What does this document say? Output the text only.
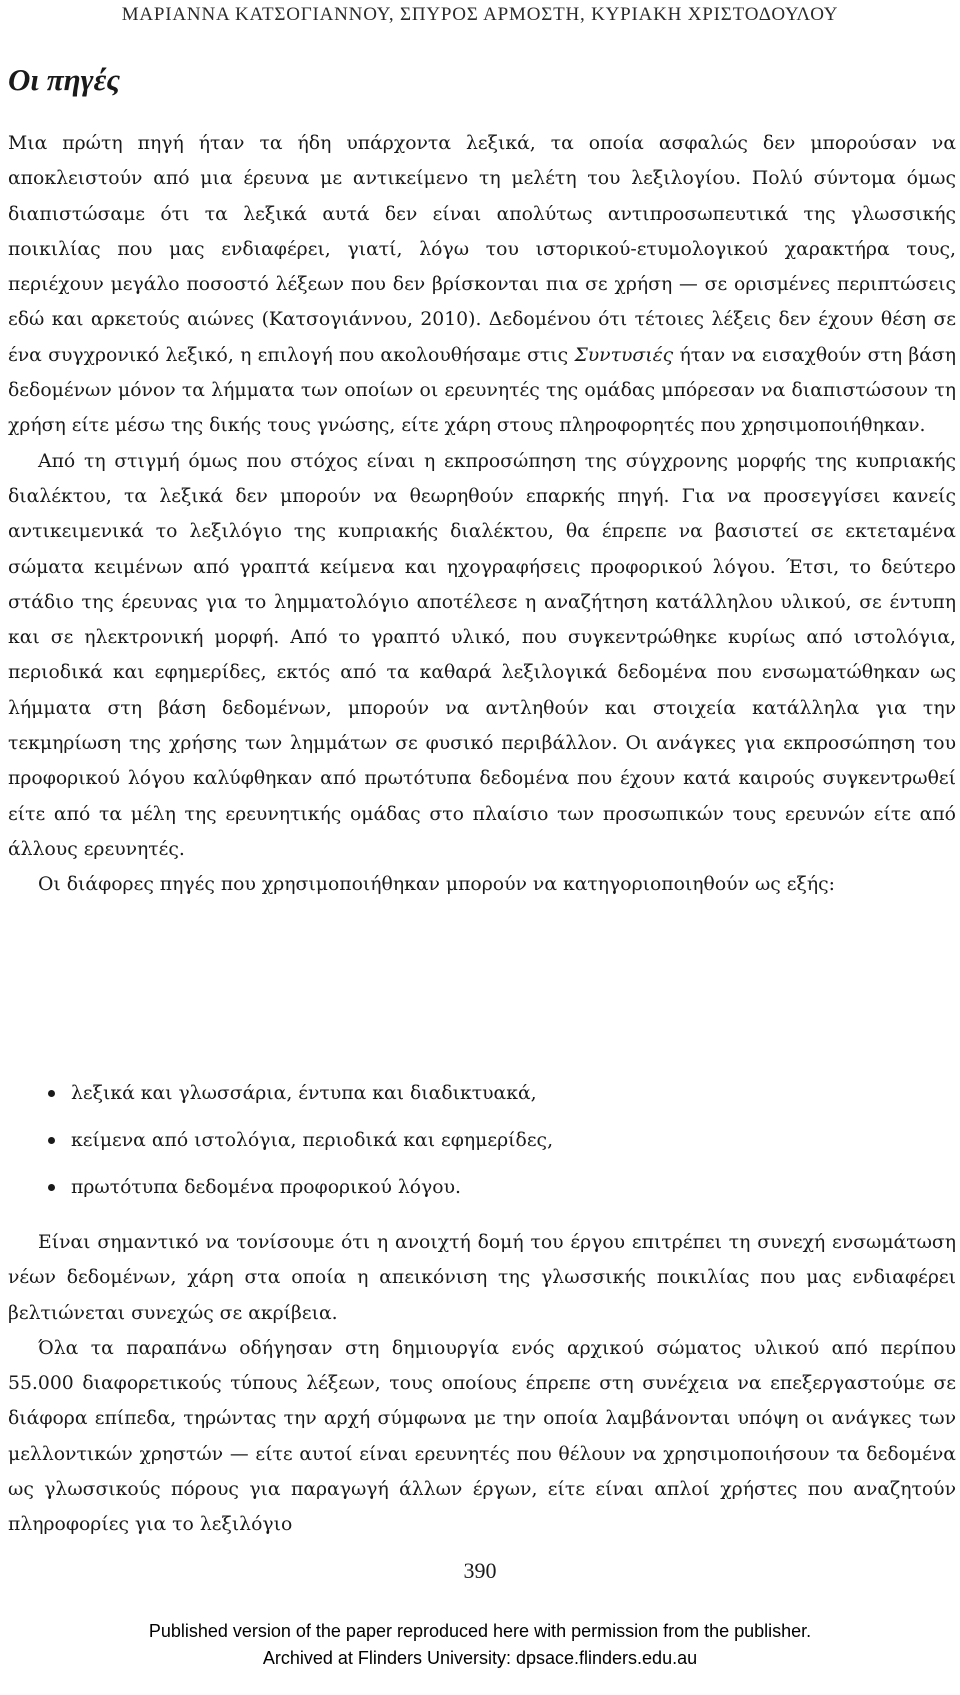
ΜΑΡΙΑΝΝΑ ΚΑΤΣΟΓΙΑΝΝΟΥ, ΣΠΥΡΟΣ ΑΡΜΟΣΤΗ, ΚΥΡΙΑΚΗ ΧΡΙΣΤΟΔΟΥΛΟΥ
Οι πηγές

Μια πρώτη πηγή ήταν τα ήδη υπάρχοντα λεξικά, τα οποία ασφαλώς δεν μπορούσαν να αποκλειστούν από μια έρευνα με αντικείμενο τη μελέτη του λεξιλογίου. Πολύ σύντομα όμως διαπιστώσαμε ότι τα λεξικά αυτά δεν είναι απολύτως αντιπροσωπευτικά της γλωσσικής ποικιλίας που μας ενδιαφέρει, γιατί, λόγω του ιστορικού-ετυμολογικού χαρακτήρα τους, περιέχουν μεγάλο ποσοστό λέξεων που δεν βρίσκονται πια σε χρήση — σε ορισμένες περιπτώσεις εδώ και αρκετούς αιώνες (Κατσογιάννου, 2010). Δεδομένου ότι τέτοιες λέξεις δεν έχουν θέση σε ένα συγχρονικό λεξικό, η επιλογή που ακολουθήσαμε στις Συντυσιές ήταν να εισαχθούν στη βάση δεδομένων μόνον τα λήμματα των οποίων οι ερευνητές της ομάδας μπόρεσαν να διαπιστώσουν τη χρήση είτε μέσω της δικής τους γνώσης, είτε χάρη στους πληροφορητές που χρησιμοποιήθηκαν.

Από τη στιγμή όμως που στόχος είναι η εκπροσώπηση της σύγχρονης μορφής της κυπριακής διαλέκτου, τα λεξικά δεν μπορούν να θεωρηθούν επαρκής πηγή. Για να προσεγγίσει κανείς αντικειμενικά το λεξιλόγιο της κυπριακής διαλέκτου, θα έπρεπε να βασιστεί σε εκτεταμένα σώματα κειμένων από γραπτά κείμενα και ηχογραφήσεις προφορικού λόγου. Έτσι, το δεύτερο στάδιο της έρευνας για το λημματολόγιο αποτέλεσε η αναζήτηση κατάλληλου υλικού, σε έντυπη και σε ηλεκτρονική μορφή. Από το γραπτό υλικό, που συγκεντρώθηκε κυρίως από ιστολόγια, περιοδικά και εφημερίδες, εκτός από τα καθαρά λεξιλογικά δεδομένα που ενσωματώθηκαν ως λήμματα στη βάση δεδομένων, μπορούν να αντληθούν και στοιχεία κατάλληλα για την τεκμηρίωση της χρήσης των λημμάτων σε φυσικό περιβάλλον. Οι ανάγκες για εκπροσώπηση του προφορικού λόγου καλύφθηκαν από πρωτότυπα δεδομένα που έχουν κατά καιρούς συγκεντρωθεί είτε από τα μέλη της ερευνητικής ομάδας στο πλαίσιο των προσωπικών τους ερευνών είτε από άλλους ερευνητές.

Οι διάφορες πηγές που χρησιμοποιήθηκαν μπορούν να κατηγοριοποιηθούν ως εξής:

λεξικά και γλωσσάρια, έντυπα και διαδικτυακά,
κείμενα από ιστολόγια, περιοδικά και εφημερίδες,
πρωτότυπα δεδομένα προφορικού λόγου.

Είναι σημαντικό να τονίσουμε ότι η ανοιχτή δομή του έργου επιτρέπει τη συνεχή ενσωμάτωση νέων δεδομένων, χάρη στα οποία η απεικόνιση της γλωσσικής ποικιλίας που μας ενδιαφέρει βελτιώνεται συνεχώς σε ακρίβεια.

Όλα τα παραπάνω οδήγησαν στη δημιουργία ενός αρχικού σώματος υλικού από περίπου 55.000 διαφορετικούς τύπους λέξεων, τους οποίους έπρεπε στη συνέχεια να επεξεργαστούμε σε διάφορα επίπεδα, τηρώντας την αρχή σύμφωνα με την οποία λαμβάνονται υπόψη οι ανάγκες των μελλοντικών χρηστών — είτε αυτοί είναι ερευνητές που θέλουν να χρησιμοποιήσουν τα δεδομένα ως γλωσσικούς πόρους για παραγωγή άλλων έργων, είτε είναι απλοί χρήστες που αναζητούν πληροφορίες για το λεξιλόγιο

390
Published version of the paper reproduced here with permission from the publisher.
Archived at Flinders University: dpsace.flinders.edu.au
